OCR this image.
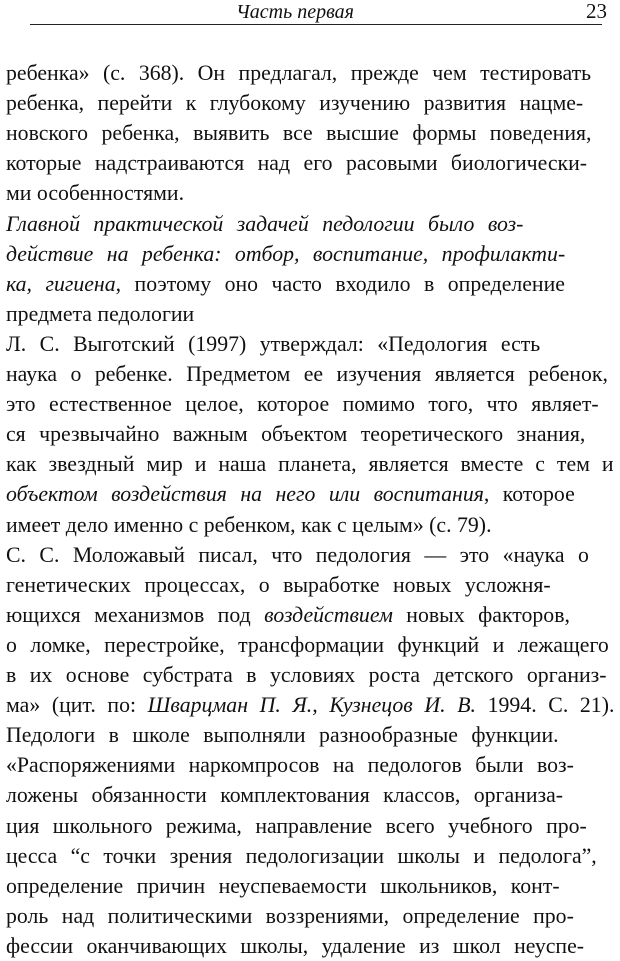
Часть первая	23
ребенка» (с. 368). Он предлагал, прежде чем тестировать
ребенка, перейти к глубокому изучению развития нацме-
новского ребенка, выявить все высшие формы поведения,
которые надстраиваются над его расовыми биологически-
ми особенностями.
Главной практической задачей педологии было воз-
действие на ребенка: отбор, воспитание, профилакти-
ка, гигиена, поэтому оно часто входило в определение
предмета педологии
Л. С. Выготский (1997) утверждал: «Педология есть
наука о ребенке. Предметом ее изучения является ребенок,
это естественное целое, которое помимо того, что являет-
ся чрезвычайно важным объектом теоретического знания,
как звездный мир и наша планета, является вместе с тем и
объектом воздействия на него или воспитания, которое
имеет дело именно с ребенком, как с целым» (с. 79).
С. С. Моложавый писал, что педология — это «наука о
генетических процессах, о выработке новых усложня-
ющихся механизмов под воздействием новых факторов,
о ломке, перестройке, трансформации функций и лежащего
в их основе субстрата в условиях роста детского организ-
ма» (цит. по: Шварцман П. Я., Кузнецов И. В. 1994. С. 21).
Педологи в школе выполняли разнообразные функции.
«Распоряжениями наркомпросов на педологов были воз-
ложены обязанности комплектования классов, организа-
ция школьного режима, направление всего учебного про-
цесса “с точки зрения педологизации школы и педолога”,
определение причин неуспеваемости школьников, конт-
роль над политическими воззрениями, определение про-
фессии оканчивающих школы, удаление из школ неуспе-
